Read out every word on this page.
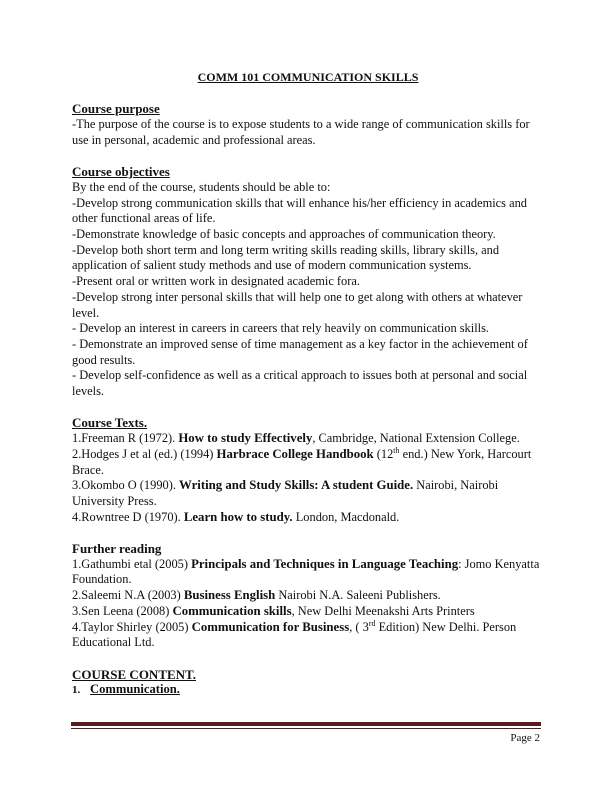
COMM 101 COMMUNICATION SKILLS
Course purpose

-The purpose of the course is to expose students to a wide range of communication skills for use in personal, academic and professional areas.

Course objectives

By the end of the course, students should be able to:

-Develop strong communication skills that will enhance his/her efficiency in academics and other functional areas of life.

-Demonstrate knowledge of basic concepts and approaches of communication theory.

-Develop both short term and long term writing skills reading skills, library skills, and application of salient study methods and use of modern communication systems.

-Present oral or written work in designated academic fora.

-Develop strong inter personal skills that will help one to get along with others at whatever level.

- Develop an interest in careers in careers that rely heavily on communication skills.

- Demonstrate an improved sense of time management as a key factor in the achievement of good results.

- Develop self-confidence as well as a critical approach to issues both at personal and social levels.

Course Texts.

1.Freeman R (1972). How to study Effectively, Cambridge, National Extension College.

2.Hodges J et al (ed.) (1994) Harbrace College Handbook (12th end.) New York, Harcourt Brace.

3.Okombo O (1990). Writing and Study Skills: A student Guide. Nairobi, Nairobi University Press.

4.Rowntree D (1970). Learn how to study. London, Macdonald.

Further reading

1.Gathumbi etal (2005) Principals and Techniques in Language Teaching: Jomo Kenyatta Foundation.

2.Saleemi N.A (2003) Business English Nairobi N.A. Saleeni Publishers.

3.Sen Leena (2008) Communication skills, New Delhi Meenakshi Arts Printers

4.Taylor Shirley (2005) Communication for Business, ( 3rd Edition) New Delhi. Person Educational Ltd.

COURSE CONTENT.
1. Communication.
Page 2
